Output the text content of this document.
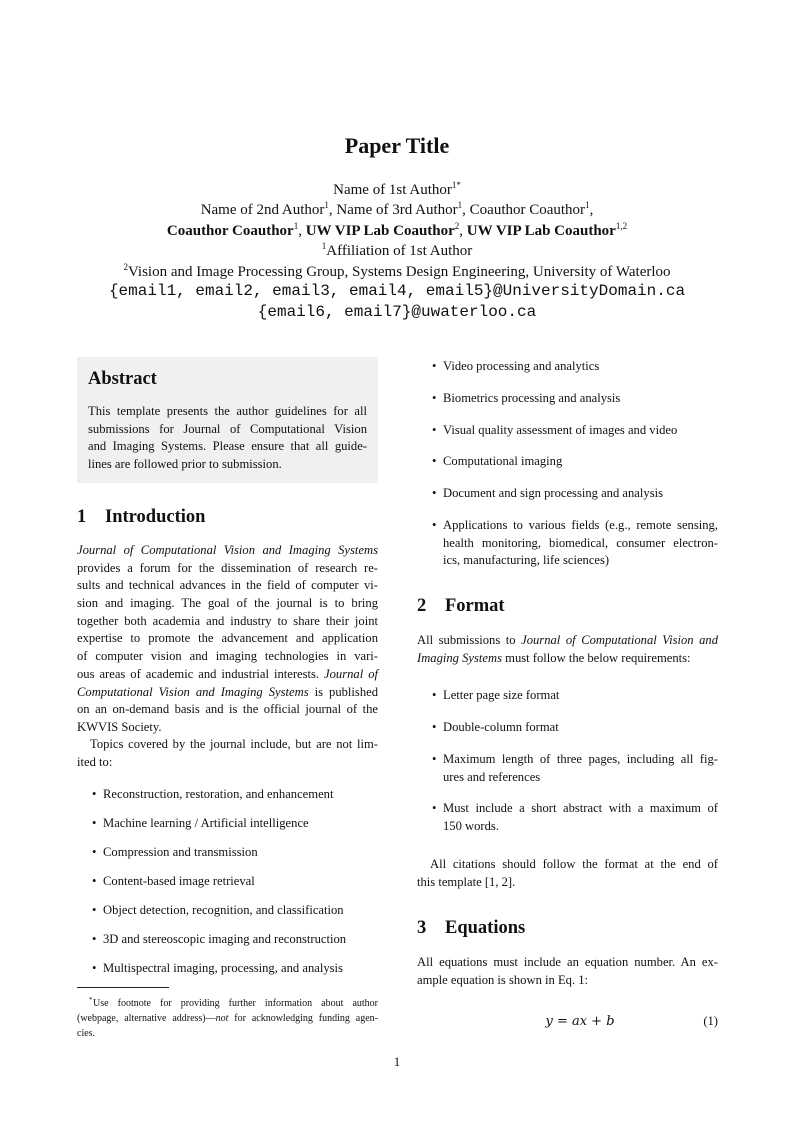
Paper Title
Name of 1st Author$^{1*}$
Name of 2nd Author$^1$, Name of 3rd Author$^1$, Coauthor Coauthor$^1$,
Coauthor Coauthor$^1$, UW VIP Lab Coauthor$^2$, UW VIP Lab Coauthor$^{1,2}$
$^1$Affiliation of 1st Author
$^2$Vision and Image Processing Group, Systems Design Engineering, University of Waterloo
{email1, email2, email3, email4, email5}@UniversityDomain.ca
{email6, email7}@uwaterloo.ca
Abstract
This template presents the author guidelines for all
submissions for Journal of Computational Vision
and Imaging Systems. Please ensure that all guide-
lines are followed prior to submission.
1 Introduction
Journal of Computational Vision and Imaging Systems
provides a forum for the dissemination of research re-
sults and technical advances in the field of computer vi-
sion and imaging. The goal of the journal is to bring
together both academia and industry to share their joint
expertise to promote the advancement and application
of computer vision and imaging technologies in vari-
ous areas of academic and industrial interests. Journal of
Computational Vision and Imaging Systems is published
on an on-demand basis and is the official journal of the
KWVIS Society.
Topics covered by the journal include, but are not lim-
ited to:
• Reconstruction, restoration, and enhancement
• Machine learning / Artificial intelligence
• Compression and transmission
• Content-based image retrieval
• Object detection, recognition, and classification
• 3D and stereoscopic imaging and reconstruction
• Multispectral imaging, processing, and analysis
* Use footnote for providing further information about author
(webpage, alternative address)—not for acknowledging funding agen-
cies.
• Video processing and analytics
• Biometrics processing and analysis
• Visual quality assessment of images and video
• Computational imaging
• Document and sign processing and analysis
• Applications to various fields (e.g., remote sensing,
health monitoring, biomedical, consumer electron-
ics, manufacturing, life sciences)
2 Format
All submissions to Journal of Computational Vision and
Imaging Systems must follow the below requirements:
• Letter page size format
• Double-column format
• Maximum length of three pages, including all fig-
ures and references
• Must include a short abstract with a maximum of
150 words.
All citations should follow the format at the end of
this template [1, 2].
3 Equations
All equations must include an equation number. An ex-
ample equation is shown in Eq. 1:
y = ax + b	(1)
1
